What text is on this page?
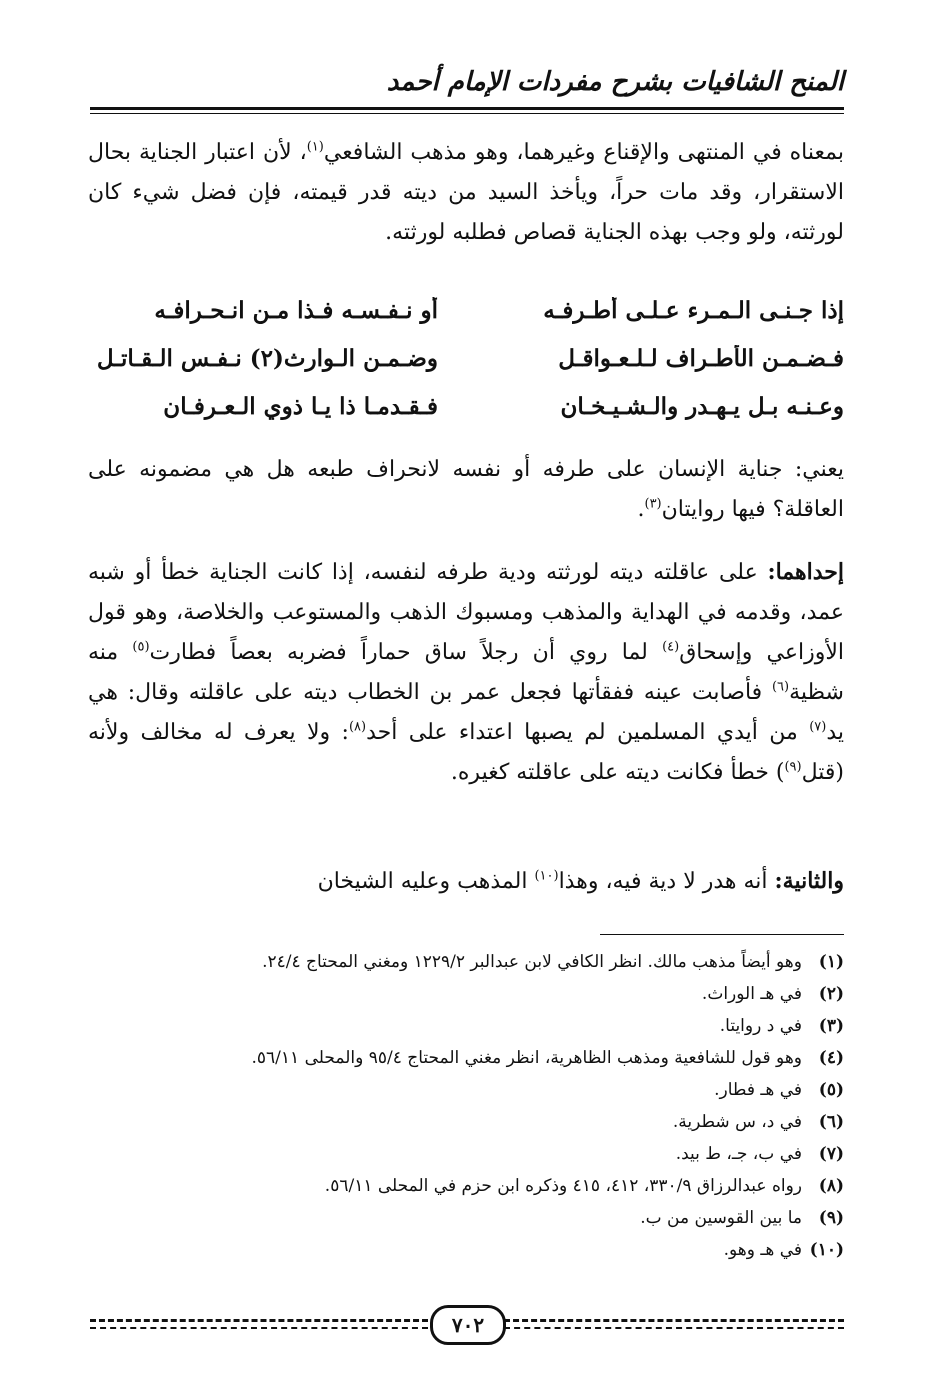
المنح الشافيات بشرح مفردات الإمام أحمد

بمعناه في المنتهى والإقناع وغيرهما، وهو مذهب الشافعي$^{(١)}$، لأن اعتبار الجناية بحال الاستقرار، وقد مات حراً، ويأخذ السيد من ديته قدر قيمته، فإن فضل شيء كان لورثته، ولو وجب بهذه الجناية قصاص فطلبه لورثته.

إذا جـنـى الـمـرء عـلـى أطـرفـه
أو نـفـسـه فـذا مـن انـحـرافـه
فـضـمـن الأطـراف لـلـعـواقـل
وضـمـن الـوارث(٢) نـفـس الـقـاتـل
وعـنـه بـل يـهـدر والـشـيـخـان
فـقـدمـا ذا يـا ذوي الـعـرفـان

يعني: جناية الإنسان على طرفه أو نفسه لانحراف طبعه هل هي مضمونه على العاقلة؟ فيها روايتان$^{(٣)}$.

إحداهما: على عاقلته ديته لورثته ودية طرفه لنفسه، إذا كانت الجناية خطأ أو شبه عمد، وقدمه في الهداية والمذهب ومسبوك الذهب والمستوعب والخلاصة، وهو قول الأوزاعي وإسحاق$^{(٤)}$ لما روي أن رجلاً ساق حماراً فضربه بعصاً فطارت$^{(٥)}$ منه شظية$^{(٦)}$ فأصابت عينه ففقأتها فجعل عمر بن الخطاب ديته على عاقلته وقال: هي يد$^{(٧)}$ من أيدي المسلمين لم يصبها اعتداء على أحد$^{(٨)}$: ولا يعرف له مخالف ولأنه (قتل$^{(٩)}$) خطأ فكانت ديته على عاقلته كغيره.

والثانية: أنه هدر لا دية فيه، وهذا$^{(١٠)}$ المذهب وعليه الشيخان

(١)
وهو أيضاً مذهب مالك. انظر الكافي لابن عبدالبر ١٢٢٩/٢ ومغني المحتاج ٢٤/٤.
(٢)
في هـ الوراث.
(٣)
في د روايتا.
(٤)
وهو قول للشافعية ومذهب الظاهرية، انظر مغني المحتاج ٩٥/٤ والمحلى ٥٦/١١.
(٥)
في هـ فطار.
(٦)
في د، س شطرية.
(٧)
في ب، جـ، ط بيد.
(٨)
رواه عبدالرزاق ٣٣٠/٩، ٤١٢، ٤١٥ وذكره ابن حزم في المحلى ٥٦/١١.
(٩)
ما بين القوسين من ب.
(١٠)
في هـ وهو.
٧٠٢
